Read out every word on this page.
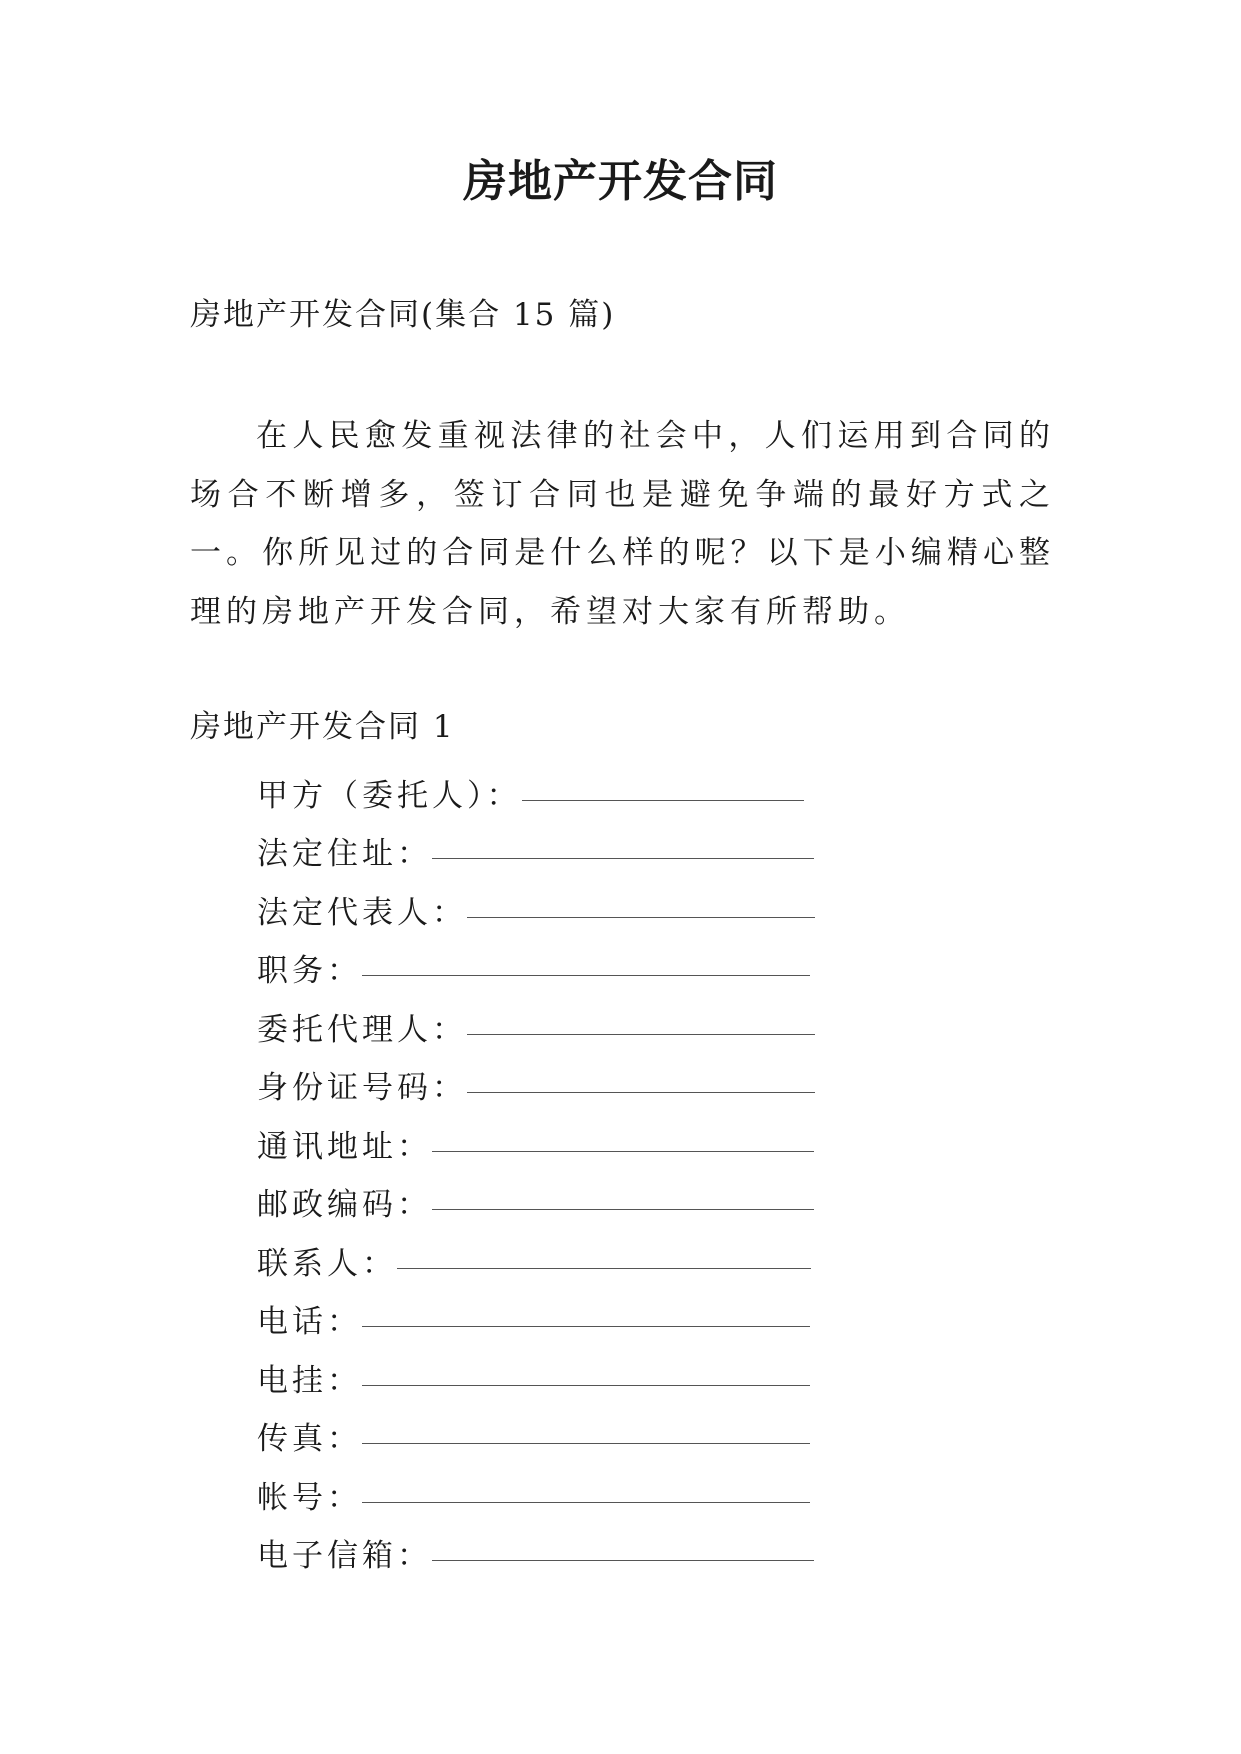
房地产开发合同

房地产开发合同(集合 15 篇)

在人民愈发重视法律的社会中，人们运用到合同的场合不断增多，签订合同也是避免争端的最好方式之一。你所见过的合同是什么样的呢？以下是小编精心整理的房地产开发合同，希望对大家有所帮助。

房地产开发合同 1

甲方（委托人）：
法定住址：
法定代表人：
职务：
委托代理人：
身份证号码：
通讯地址：
邮政编码：
联系人：
电话：
电挂：
传真：
帐号：
电子信箱：
